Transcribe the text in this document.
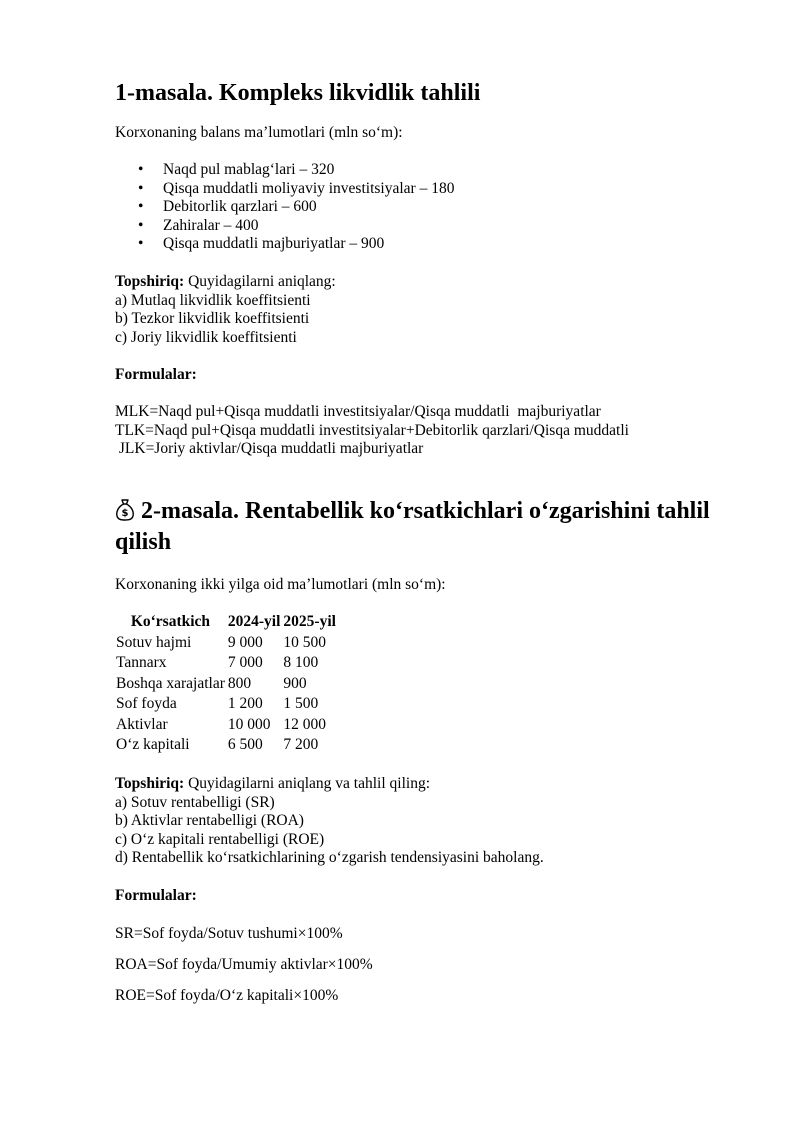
1-masala. Kompleks likvidlik tahlili

Korxonaning balans ma’lumotlari (mln so‘m):

• Naqd pul mablag‘lari – 320
• Qisqa muddatli moliyaviy investitsiyalar – 180
• Debitorlik qarzlari – 600
• Zahiralar – 400
• Qisqa muddatli majburiyatlar – 900

Topshiriq: Quyidagilarni aniqlang:

a) Mutlaq likvidlik koeffitsienti

b) Tezkor likvidlik koeffitsienti

c) Joriy likvidlik koeffitsienti

Formulalar:

MLK=Naqd pul+Qisqa muddatli investitsiyalar/Qisqa muddatli  majburiyatlar

TLK=Naqd pul+Qisqa muddatli investitsiyalar+Debitorlik qarzlari/Qisqa muddatli

JLK=Joriy aktivlar/Qisqa muddatli majburiyatlar

$ 2-masala. Rentabellik ko‘rsatkichlari o‘zgarishini tahlil qilish

Korxonaning ikki yilga oid ma’lumotlari (mln so‘m):

Ko‘rsatkich	2024-yil	2025-yil
Sotuv hajmi	9 000	10 500
Tannarx	7 000	8 100
Boshqa xarajatlar	800	900
Sof foyda	1 200	1 500
Aktivlar	10 000	12 000
O‘z kapitali	6 500	7 200

Topshiriq: Quyidagilarni aniqlang va tahlil qiling:

a) Sotuv rentabelligi (SR)

b) Aktivlar rentabelligi (ROA)

c) O‘z kapitali rentabelligi (ROE)

d) Rentabellik ko‘rsatkichlarining o‘zgarish tendensiyasini baholang.

Formulalar:

SR=Sof foyda/Sotuv tushumi×100%

ROA=Sof foyda/Umumiy aktivlar×100%

ROE=Sof foyda/O‘z kapitali×100%
